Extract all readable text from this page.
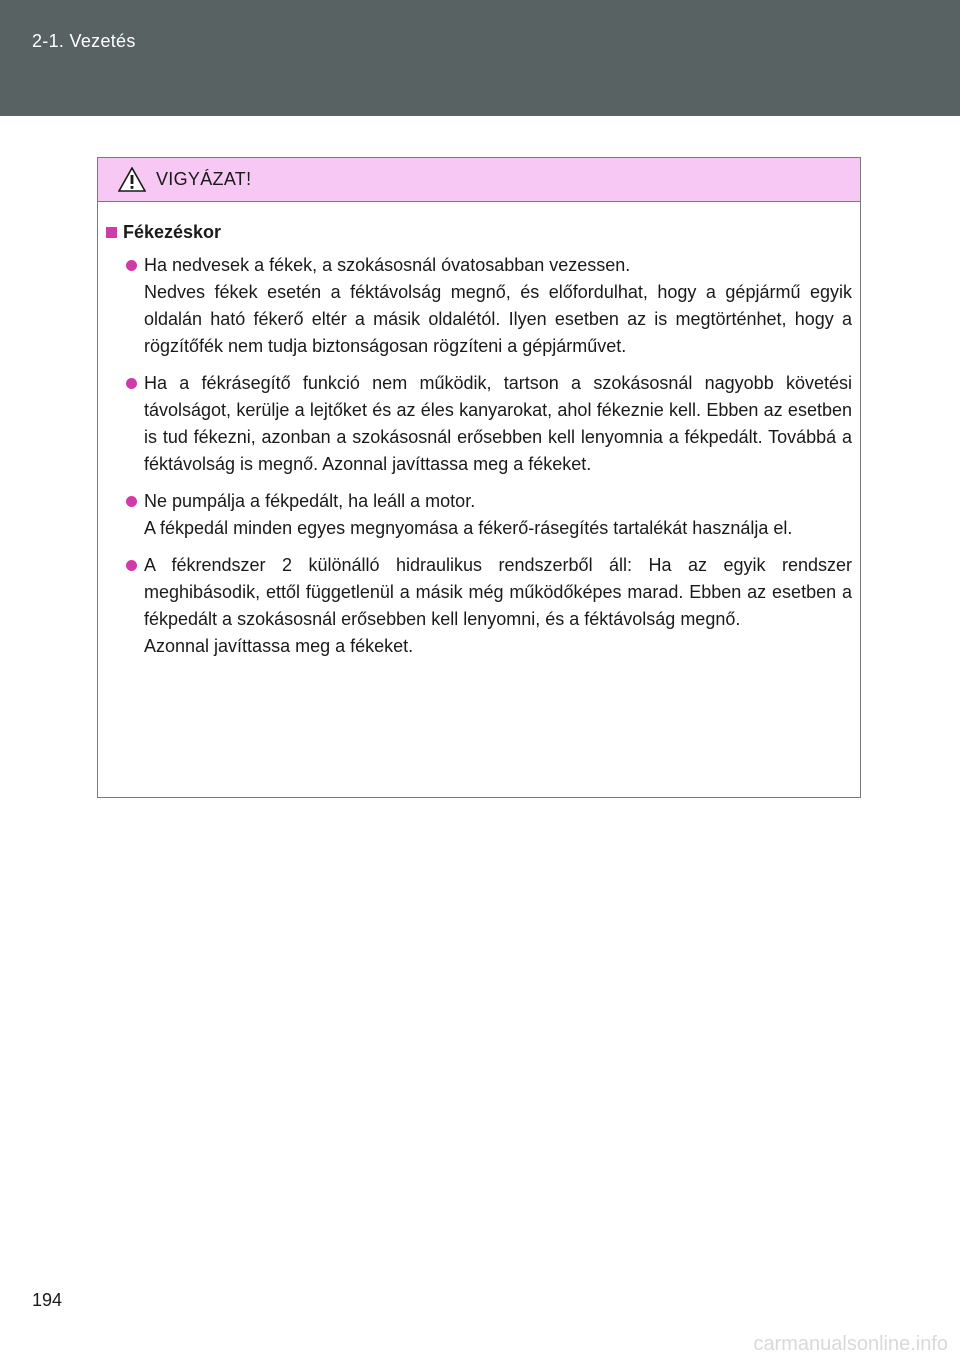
2-1. Vezetés
VIGYÁZAT!
Fékezéskor

Ha nedvesek a fékek, a szokásosnál óvatosabban vezessen.

Nedves fékek esetén a féktávolság megnő, és előfordulhat, hogy a gépjármű egyik oldalán ható fékerő eltér a másik oldalétól. Ilyen esetben az is megtörténhet, hogy a rögzítőfék nem tudja biztonságosan rögzíteni a gépjárművet.

Ha a fékrásegítő funkció nem működik, tartson a szokásosnál nagyobb követési távolságot, kerülje a lejtőket és az éles kanyarokat, ahol fékeznie kell. Ebben az esetben is tud fékezni, azonban a szokásosnál erősebben kell lenyomnia a fékpedált. Továbbá a féktávolság is megnő. Azonnal javíttassa meg a fékeket.

Ne pumpálja a fékpedált, ha leáll a motor.

A fékpedál minden egyes megnyomása a fékerő-rásegítés tartalékát használja el.

A fékrendszer 2 különálló hidraulikus rendszerből áll: Ha az egyik rendszer meghibásodik, ettől függetlenül a másik még működőképes marad. Ebben az esetben a fékpedált a szokásosnál erősebben kell lenyomni, és a féktávolság megnő.

Azonnal javíttassa meg a fékeket.

194
carmanualsonline.info
